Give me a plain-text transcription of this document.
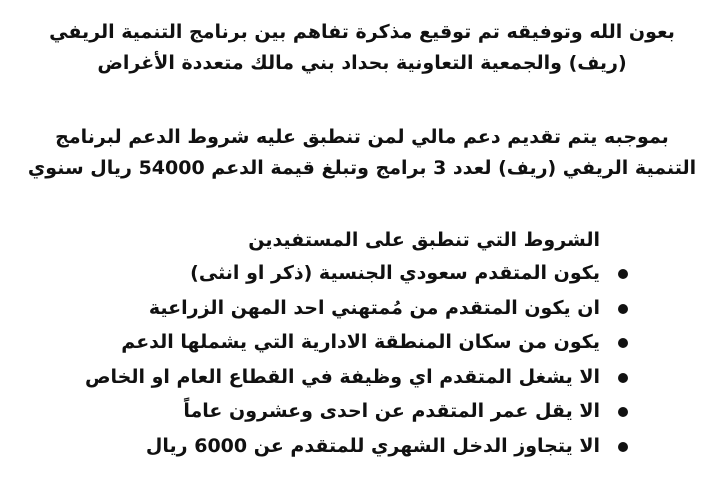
بعون الله وتوفيقه تم توقيع مذكرة تفاهم بين برنامج التنمية الريفي
(ريف) والجمعية التعاونية بحداد بني مالك متعددة الأغراض
بموجبه يتم تقديم دعم مالي لمن تنطبق عليه شروط الدعم لبرنامج
التنمية الريفي (ريف) لعدد 3 برامج وتبلغ قيمة الدعم 54000 ريال سنوي
الشروط التي تنطبق على المستفيدين
يكون المتقدم سعودي الجنسية (ذكر او انثى)
ان يكون المتقدم من مُمتهني احد المهن الزراعية
يكون من سكان المنطقة الادارية التي يشملها الدعم
الا يشغل المتقدم اي وظيفة في القطاع العام او الخاص
الا يقل عمر المتقدم عن احدى وعشرون عاماً
الا يتجاوز الدخل الشهري للمتقدم عن 6000 ريال
